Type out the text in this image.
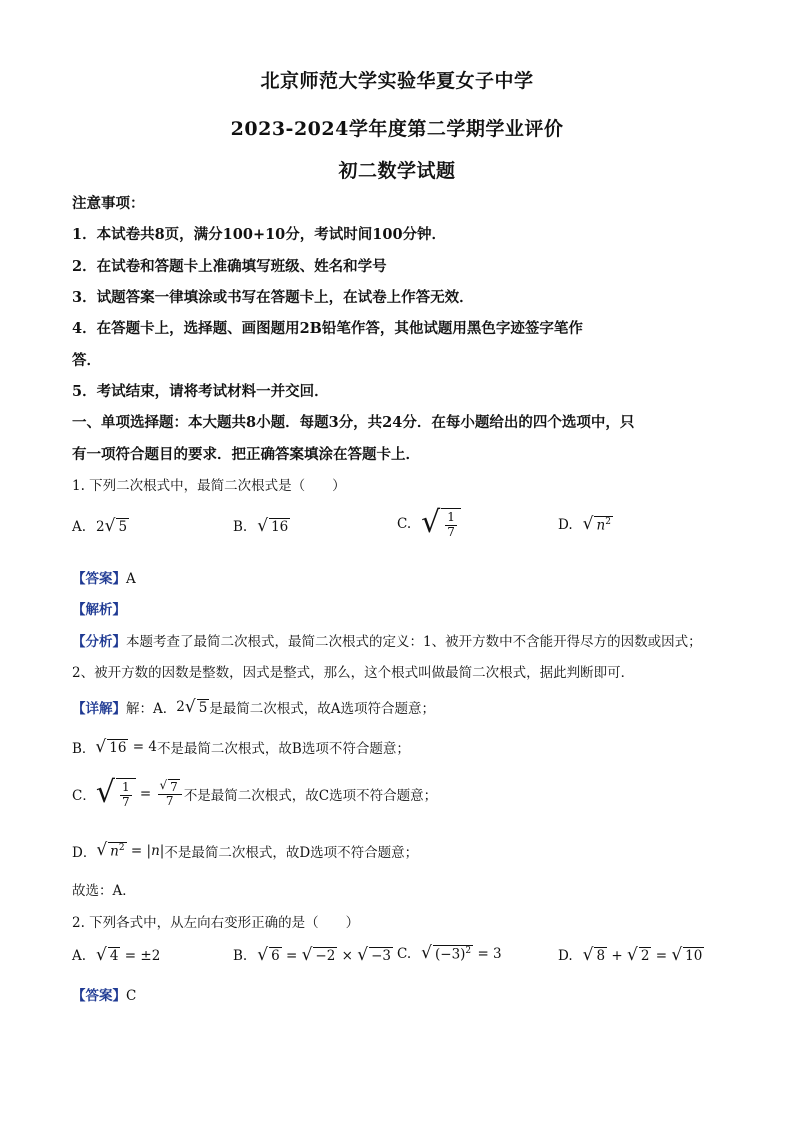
北京师范大学实验华夏女子中学
2023-2024学年度第二学期学业评价
初二数学试题
注意事项：
1．本试卷共8页，满分100+10分，考试时间100分钟．
2．在试卷和答题卡上准确填写班级、姓名和学号
3．试题答案一律填涂或书写在答题卡上，在试卷上作答无效．
4．在答题卡上，选择题、画图题用2B铅笔作答，其他试题用黑色字迹签字笔作
答．
5．考试结束，请将考试材料一并交回．
一、单项选择题：本大题共8小题．每题3分，共24分．在每小题给出的四个选项中，只
有一项符合题目的要求．把正确答案填涂在答题卡上．
1. 下列二次根式中，最简二次根式是（　　）
A. 2 √ 5	B. √ 16	C. √ $\frac{1}{7}$	D. √ $n^2$
【答案】A
【解析】
【分析】本题考查了最简二次根式，最简二次根式的定义：1、被开方数中不含能开得尽方的因数或因式；
2、被开方数的因数是整数，因式是整式，那么，这个根式叫做最简二次根式，据此判断即可．
【详解】 解：A． 2 √ 5 是最简二次根式，故A选项符合题意；
B． √ 16 = 4 不是最简二次根式，故B选项不符合题意；
C． √ $\frac{1}{7} = \frac{√ 7}{7}$ 不是最简二次根式，故C选项不符合题意；
D． √ $n^2$ = | n | 不是最简二次根式，故D选项不符合题意；
故选：A．
2. 下列各式中，从左向右变形正确的是（　　）
A. √ 4 = ±2	B. √ 6 = √ −2 × √ −3 C. √ $(-3)^2 = 3$	D. √ 8 + √ 2 = √ 10
【答案】C
